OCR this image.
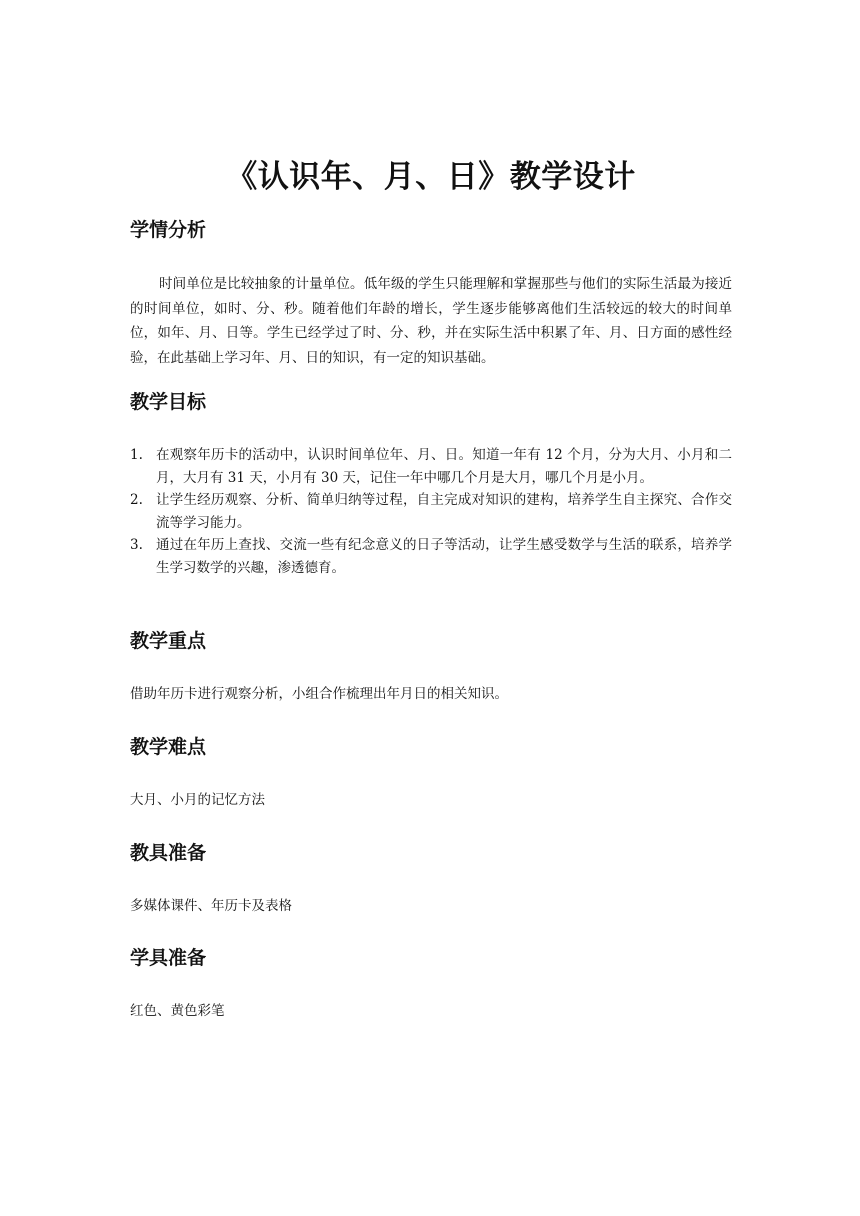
《认识年、月、日》教学设计
学情分析

时间单位是比较抽象的计量单位。低年级的学生只能理解和掌握那些与他们的实际生活最为接近的时间单位，如时、分、秒。随着他们年龄的增长，学生逐步能够离他们生活较远的较大的时间单位，如年、月、日等。学生已经学过了时、分、秒，并在实际生活中积累了年、月、日方面的感性经验，在此基础上学习年、月、日的知识，有一定的知识基础。

教学目标
1. 在观察年历卡的活动中，认识时间单位年、月、日。知道一年有 12 个月，分为大月、小月和二月，大月有 31 天，小月有 30 天，记住一年中哪几个月是大月，哪几个月是小月。
2. 让学生经历观察、分析、简单归纳等过程，自主完成对知识的建构，培养学生自主探究、合作交流等学习能力。
3. 通过在年历上查找、交流一些有纪念意义的日子等活动，让学生感受数学与生活的联系，培养学生学习数学的兴趣，渗透德育。
教学重点

借助年历卡进行观察分析，小组合作梳理出年月日的相关知识。

教学难点

大月、小月的记忆方法

教具准备

多媒体课件、年历卡及表格

学具准备

红色、黄色彩笔
